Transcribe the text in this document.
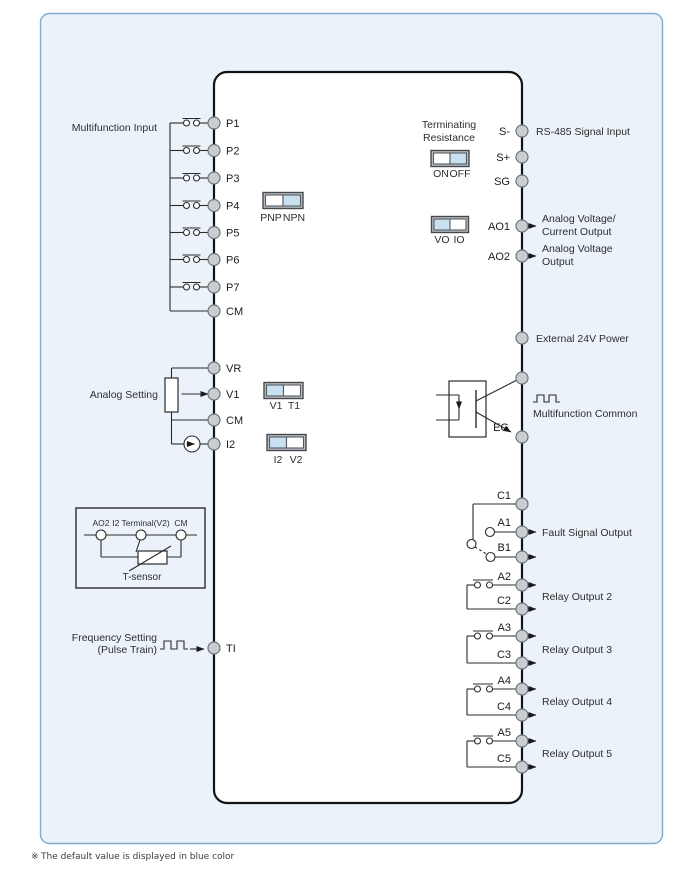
Multifunction Input	P1
P2
P3
P4
P5
P6
P7
CM
PNP NPN
Analog Setting
VR
V1
CM
I2
V1 T1
I2 V2
AO2 I2 Terminal(V2) CM
T-sensor
Frequency Setting
(Pulse Train)	TI
S- RS-485 Signal Input
S+
SG
Terminating
Resistance
ON OFF
VO IO
AO1
Analog Voltage/
Current Output
AO2
Analog Voltage
Output
External 24V Power
EG
Multifunction Common
C1
A1
B1
Fault Signal Output
A2
C2	Relay Output 2
A3
C3	Relay Output 3
A4
C4	Relay Output 4
A5
C5	Relay Output 5
※ The default value is displayed in blue color
